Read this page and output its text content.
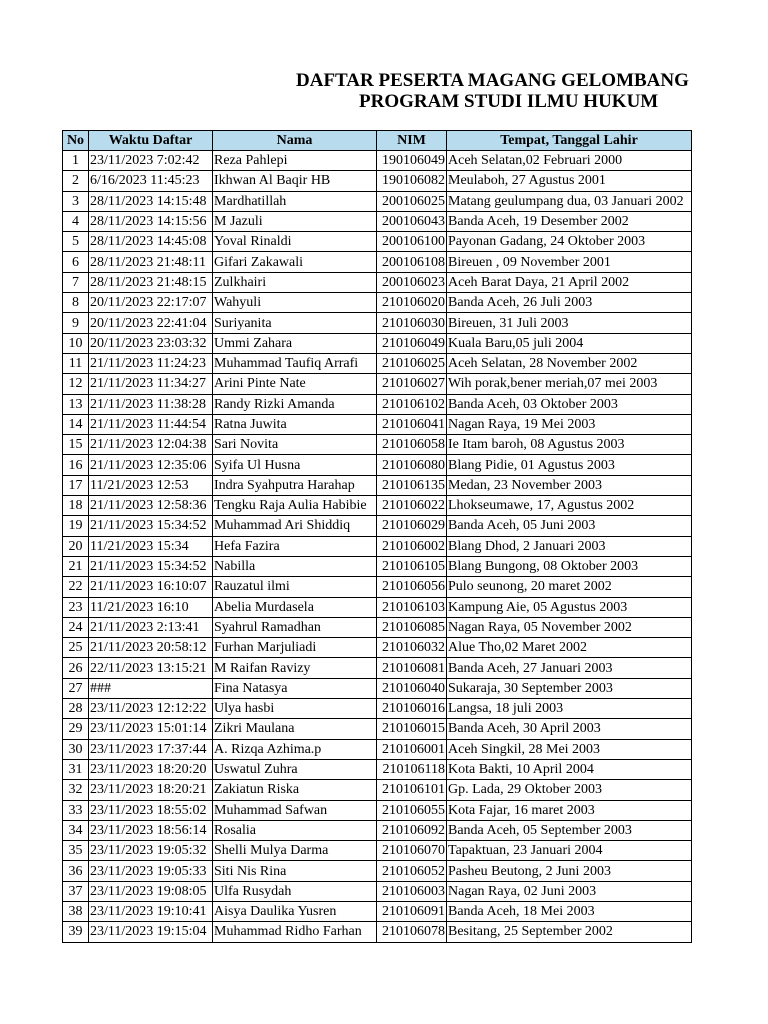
DAFTAR PESERTA MAGANG GELOMBANG
PROGRAM STUDI ILMU HUKUM
No	Waktu Daftar	Nama	NIM	Tempat, Tanggal Lahir
1	23/11/2023 7:02:42	Reza Pahlepi	190106049	Aceh Selatan,02 Februari 2000
2	6/16/2023 11:45:23	Ikhwan Al Baqir HB	190106082	Meulaboh, 27 Agustus 2001
3	28/11/2023 14:15:48	Mardhatillah	200106025	Matang geulumpang dua, 03 Januari 2002
4	28/11/2023 14:15:56	M Jazuli	200106043	Banda Aceh, 19 Desember 2002
5	28/11/2023 14:45:08	Yoval Rinaldi	200106100	Payonan Gadang, 24 Oktober 2003
6	28/11/2023 21:48:11	Gifari Zakawali	200106108	Bireuen , 09 November 2001
7	28/11/2023 21:48:15	Zulkhairi	200106023	Aceh Barat Daya, 21 April 2002
8	20/11/2023 22:17:07	Wahyuli	210106020	Banda Aceh, 26 Juli 2003
9	20/11/2023 22:41:04	Suriyanita	210106030	Bireuen, 31 Juli 2003
10	20/11/2023 23:03:32	Ummi Zahara	210106049	Kuala Baru,05 juli 2004
11	21/11/2023 11:24:23	Muhammad Taufiq Arrafi	210106025	Aceh Selatan, 28 November 2002
12	21/11/2023 11:34:27	Arini Pinte Nate	210106027	Wih porak,bener meriah,07 mei 2003
13	21/11/2023 11:38:28	Randy Rizki Amanda	210106102	Banda Aceh, 03 Oktober 2003
14	21/11/2023 11:44:54	Ratna Juwita	210106041	Nagan Raya, 19 Mei 2003
15	21/11/2023 12:04:38	Sari Novita	210106058	Ie Itam baroh, 08 Agustus 2003
16	21/11/2023 12:35:06	Syifa Ul Husna	210106080	Blang Pidie, 01 Agustus 2003
17	11/21/2023 12:53	Indra Syahputra Harahap	210106135	Medan, 23 November 2003
18	21/11/2023 12:58:36	Tengku Raja Aulia Habibie	210106022	Lhokseumawe, 17, Agustus 2002
19	21/11/2023 15:34:52	Muhammad Ari Shiddiq	210106029	Banda Aceh, 05 Juni 2003
20	11/21/2023 15:34	Hefa Fazira	210106002	Blang Dhod, 2 Januari 2003
21	21/11/2023 15:34:52	Nabilla	210106105	Blang Bungong, 08 Oktober 2003
22	21/11/2023 16:10:07	Rauzatul ilmi	210106056	Pulo seunong, 20 maret 2002
23	11/21/2023 16:10	Abelia Murdasela	210106103	Kampung Aie, 05 Agustus 2003
24	21/11/2023 2:13:41	Syahrul Ramadhan	210106085	Nagan Raya, 05 November 2002
25	21/11/2023 20:58:12	Furhan Marjuliadi	210106032	Alue Tho,02 Maret 2002
26	22/11/2023 13:15:21	M Raifan Ravizy	210106081	Banda Aceh, 27 Januari 2003
27	###	Fina Natasya	210106040	Sukaraja, 30 September 2003
28	23/11/2023 12:12:22	Ulya hasbi	210106016	Langsa, 18 juli 2003
29	23/11/2023 15:01:14	Zikri Maulana	210106015	Banda Aceh, 30 April 2003
30	23/11/2023 17:37:44	A. Rizqa Azhima.p	210106001	Aceh Singkil, 28 Mei 2003
31	23/11/2023 18:20:20	Uswatul Zuhra	210106118	Kota Bakti, 10 April 2004
32	23/11/2023 18:20:21	Zakiatun Riska	210106101	Gp. Lada, 29 Oktober 2003
33	23/11/2023 18:55:02	Muhammad Safwan	210106055	Kota Fajar, 16 maret 2003
34	23/11/2023 18:56:14	Rosalia	210106092	Banda Aceh, 05 September 2003
35	23/11/2023 19:05:32	Shelli Mulya Darma	210106070	Tapaktuan, 23 Januari 2004
36	23/11/2023 19:05:33	Siti Nis Rina	210106052	Pasheu Beutong, 2 Juni 2003
37	23/11/2023 19:08:05	Ulfa Rusydah	210106003	Nagan Raya, 02 Juni 2003
38	23/11/2023 19:10:41	Aisya Daulika Yusren	210106091	Banda Aceh, 18 Mei 2003
39	23/11/2023 19:15:04	Muhammad Ridho Farhan	210106078	Besitang, 25 September 2002
